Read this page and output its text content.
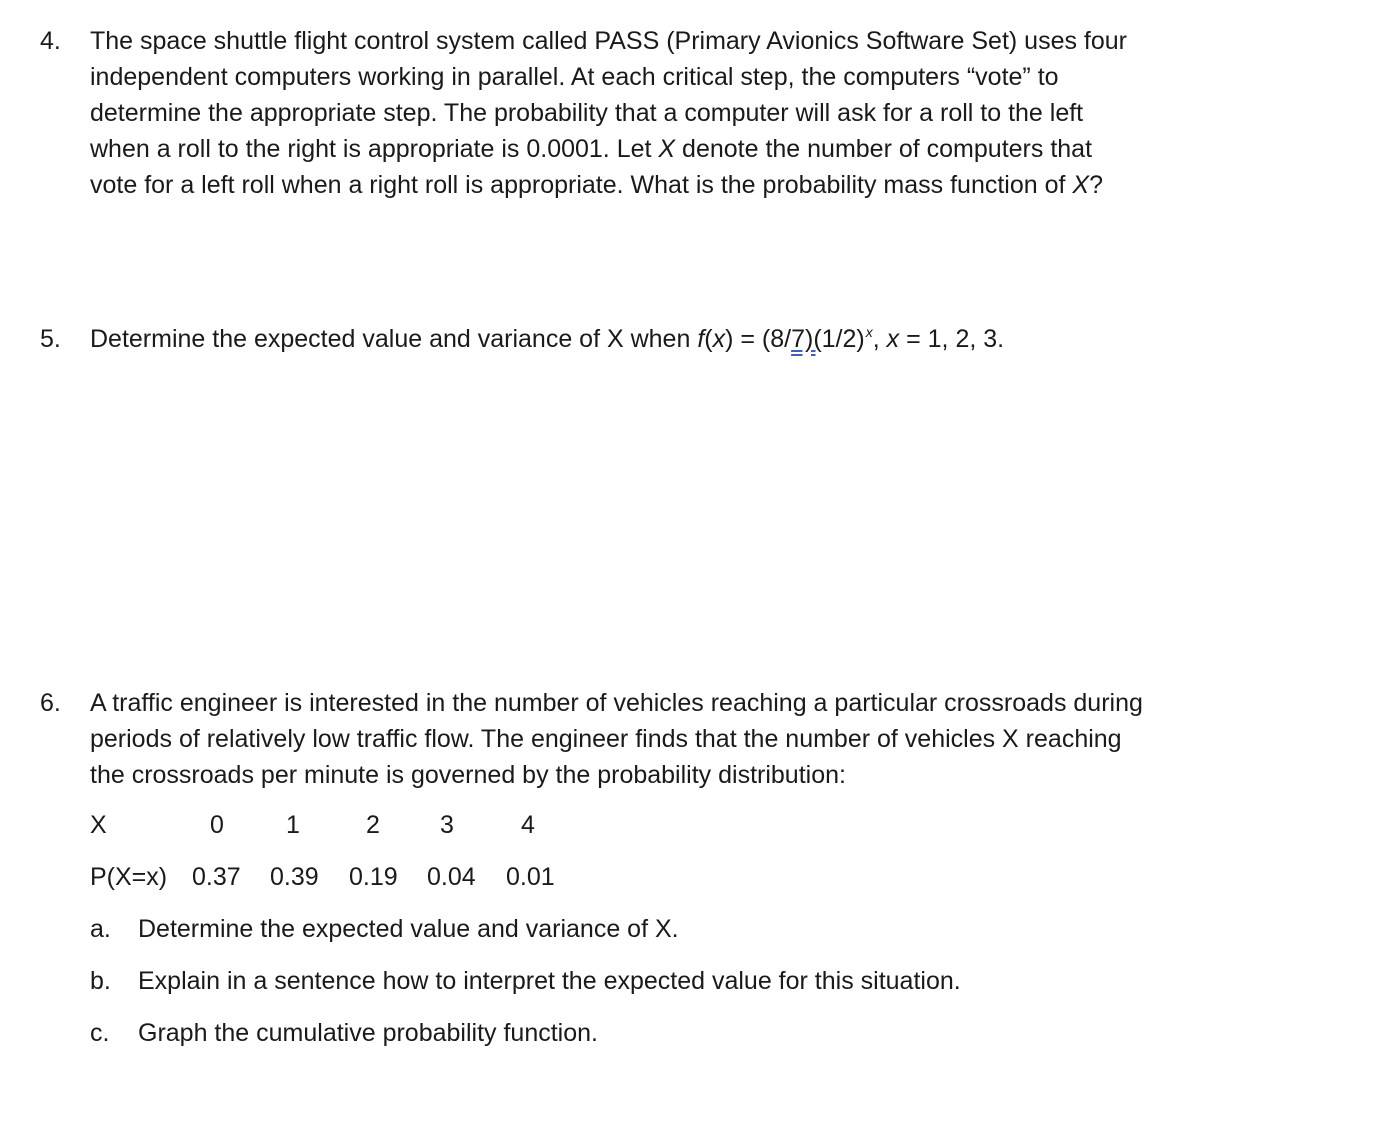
4.	The space shuttle flight control system called PASS (Primary Avionics Software Set) uses four
independent computers working in parallel. At each critical step, the computers “vote” to
determine the appropriate step. The probability that a computer will ask for a roll to the left
when a roll to the right is appropriate is 0.0001. Let X denote the number of computers that
vote for a left roll when a right roll is appropriate. What is the probability mass function of X?
5.	Determine the expected value and variance of X when $f(x) = (8/7)(1/2)^x$, x = 1, 2, 3.
6.	A traffic engineer is interested in the number of vehicles reaching a particular crossroads during
periods of relatively low traffic flow. The engineer finds that the number of vehicles X reaching
the crossroads per minute is governed by the probability distribution:
X	0 1	2 3	4
P(X=x) 0.37 0.39 0.19 0.04 0.01
a. Determine the expected value and variance of X.
b. Explain in a sentence how to interpret the expected value for this situation.
c. Graph the cumulative probability function.
